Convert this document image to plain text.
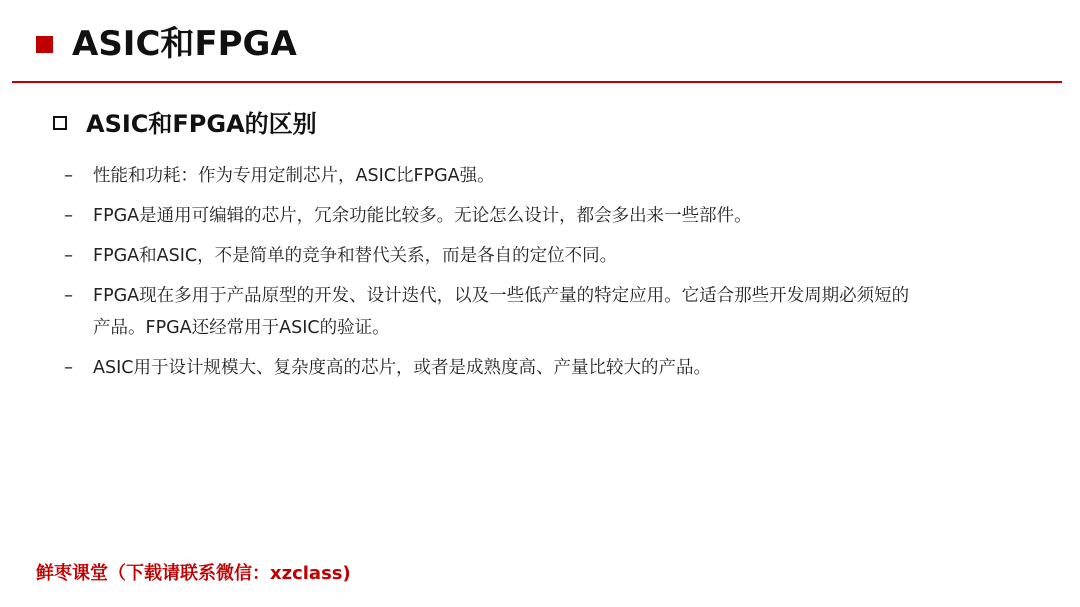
ASIC和FPGA
ASIC和FPGA的区别
– 性能和功耗：作为专用定制芯片，ASIC比FPGA强。
– FPGA是通用可编辑的芯片，冗余功能比较多。无论怎么设计，都会多出来一些部件。
– FPGA和ASIC，不是简单的竞争和替代关系，而是各自的定位不同。
– FPGA现在多用于产品原型的开发、设计迭代，以及一些低产量的特定应用。它适合那些开发周期必须短的
产品。FPGA还经常用于ASIC的验证。
– ASIC用于设计规模大、复杂度高的芯片，或者是成熟度高、产量比较大的产品。
鲜枣课堂（下载请联系微信：xzclass)
